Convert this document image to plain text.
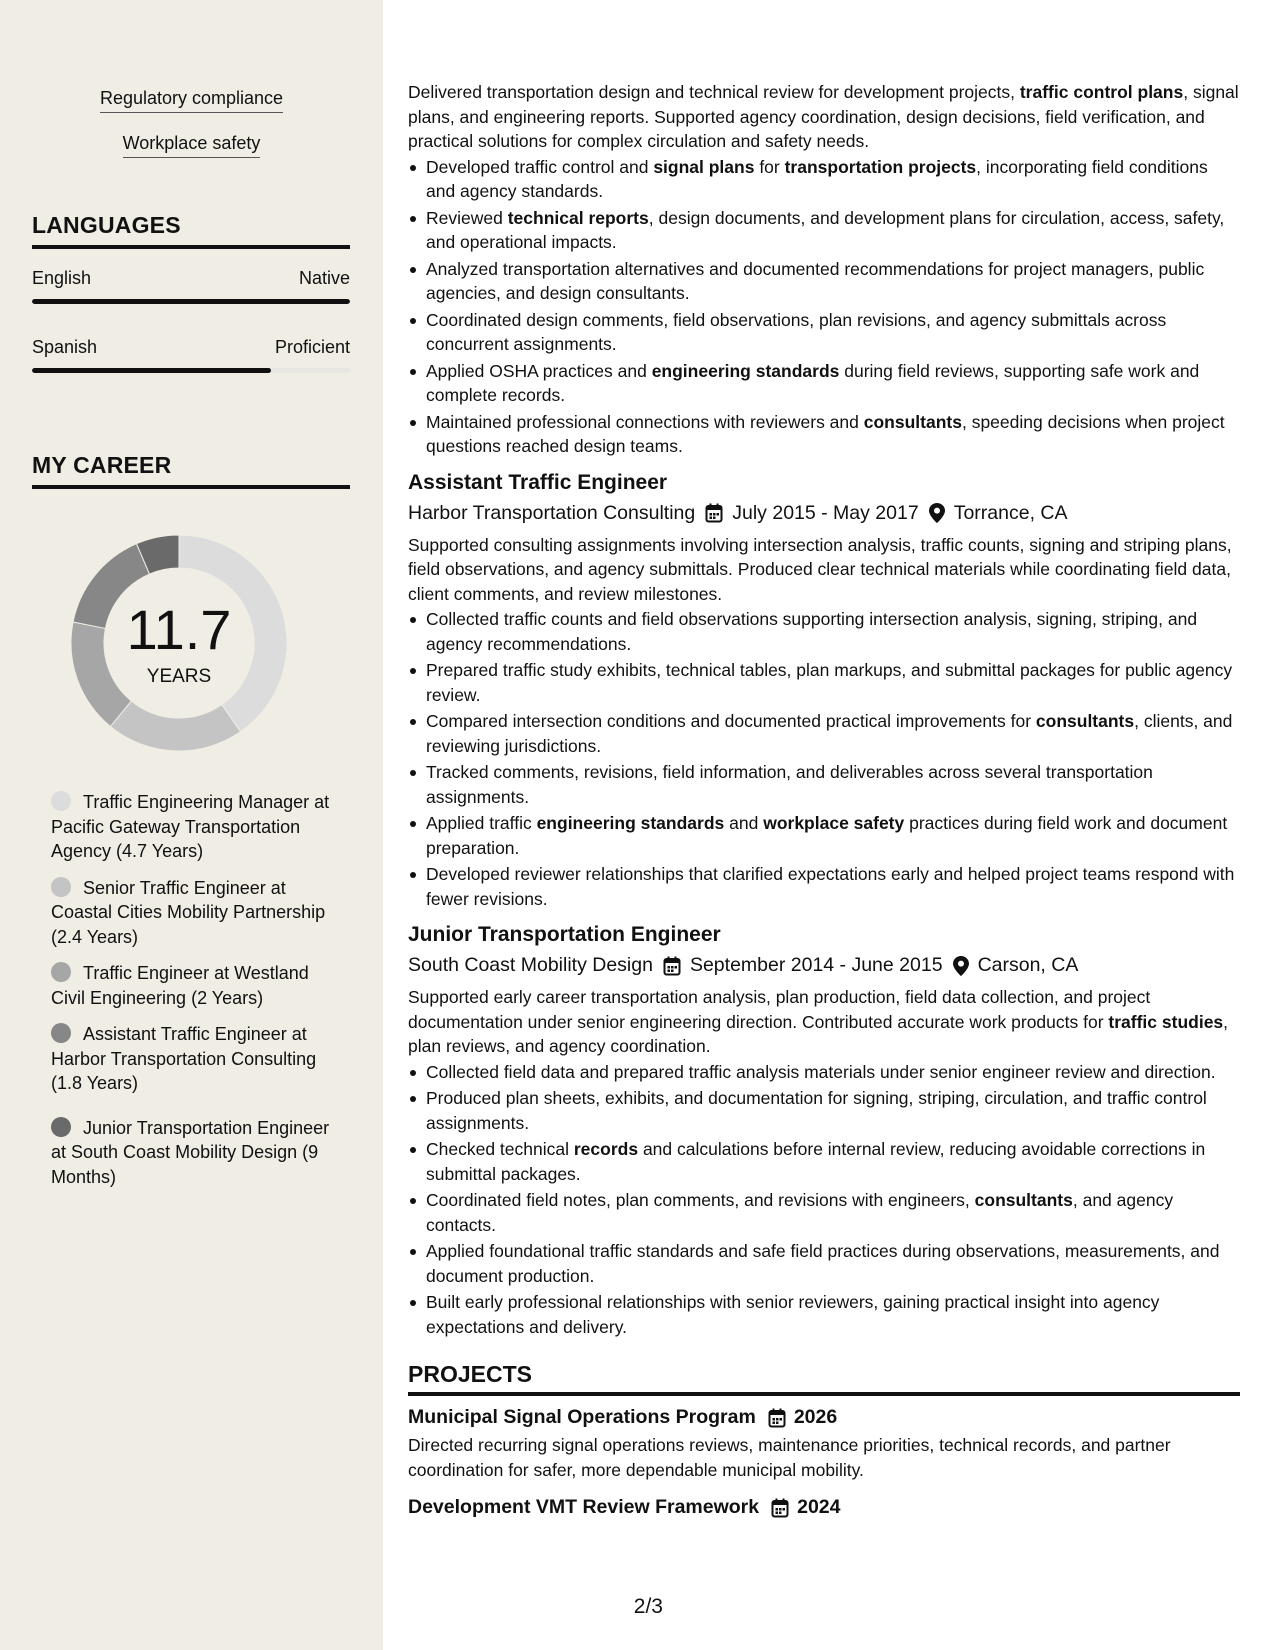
Regulatory compliance
Workplace safety
LANGUAGES
English	Native
Spanish	Proficient
MY CAREER
11.7
YEARS
Traffic Engineering Manager at Pacific Gateway Transportation Agency (4.7 Years)
Senior Traffic Engineer at Coastal Cities Mobility Partnership (2.4 Years)
Traffic Engineer at Westland Civil Engineering (2 Years)
Assistant Traffic Engineer at Harbor Transportation Consulting (1.8 Years)
Junior Transportation Engineer at South Coast Mobility Design (9 Months)

Delivered transportation design and technical review for development projects, traffic control plans, signal plans, and engineering reports. Supported agency coordination, design decisions, field verification, and practical solutions for complex circulation and safety needs.

Developed traffic control and signal plans for transportation projects, incorporating field conditions and agency standards.
Reviewed technical reports, design documents, and development plans for circulation, access, safety, and operational impacts.
Analyzed transportation alternatives and documented recommendations for project managers, public agencies, and design consultants.
Coordinated design comments, field observations, plan revisions, and agency submittals across concurrent assignments.
Applied OSHA practices and engineering standards during field reviews, supporting safe work and complete records.
Maintained professional connections with reviewers and consultants, speeding decisions when project questions reached design teams.
Assistant Traffic Engineer
Harbor Transportation Consulting July 2015 - May 2017 Torrance, CA

Supported consulting assignments involving intersection analysis, traffic counts, signing and striping plans, field observations, and agency submittals. Produced clear technical materials while coordinating field data, client comments, and review milestones.

Collected traffic counts and field observations supporting intersection analysis, signing, striping, and agency recommendations.
Prepared traffic study exhibits, technical tables, plan markups, and submittal packages for public agency review.
Compared intersection conditions and documented practical improvements for consultants, clients, and reviewing jurisdictions.
Tracked comments, revisions, field information, and deliverables across several transportation assignments.
Applied traffic engineering standards and workplace safety practices during field work and document preparation.
Developed reviewer relationships that clarified expectations early and helped project teams respond with fewer revisions.
Junior Transportation Engineer
South Coast Mobility Design September 2014 - June 2015 Carson, CA

Supported early career transportation analysis, plan production, field data collection, and project documentation under senior engineering direction. Contributed accurate work products for traffic studies, plan reviews, and agency coordination.

Collected field data and prepared traffic analysis materials under senior engineer review and direction.
Produced plan sheets, exhibits, and documentation for signing, striping, circulation, and traffic control assignments.
Checked technical records and calculations before internal review, reducing avoidable corrections in submittal packages.
Coordinated field notes, plan comments, and revisions with engineers, consultants, and agency contacts.
Applied foundational traffic standards and safe field practices during observations, measurements, and document production.
Built early professional relationships with senior reviewers, gaining practical insight into agency expectations and delivery.
PROJECTS
Municipal Signal Operations Program 2026

Directed recurring signal operations reviews, maintenance priorities, technical records, and partner coordination for safer, more dependable municipal mobility.

Development VMT Review Framework 2024
2/3
